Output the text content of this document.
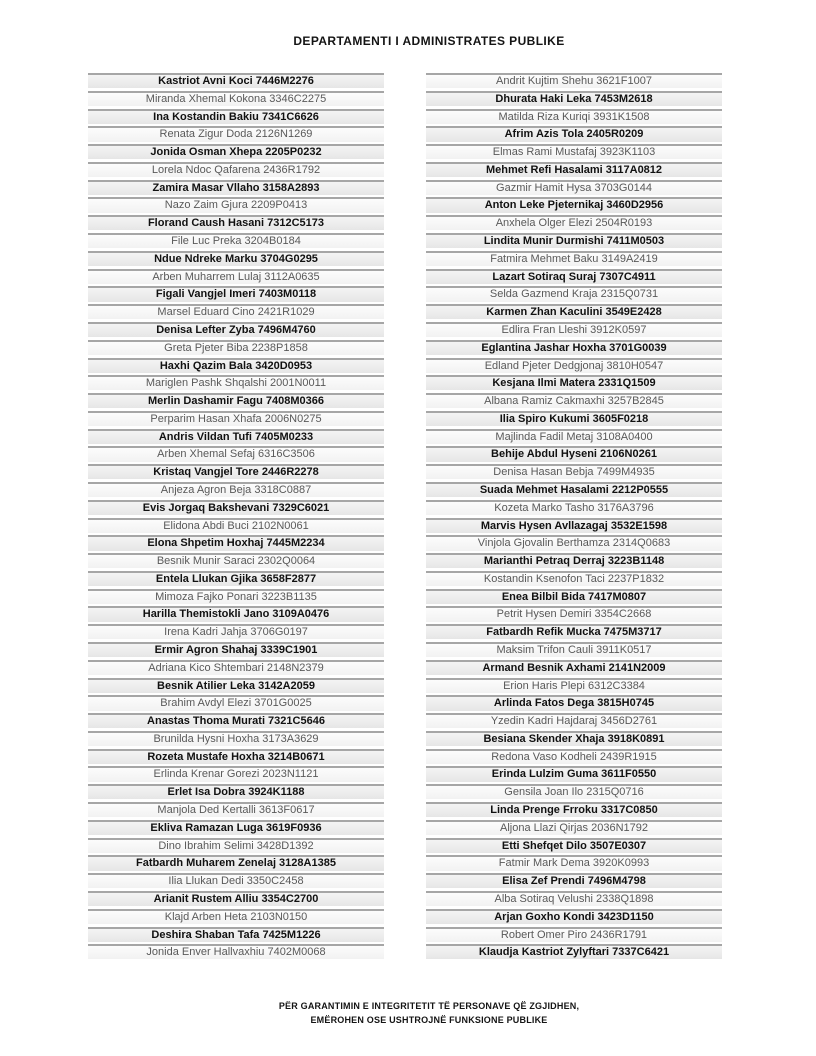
DEPARTAMENTI I ADMINISTRATES PUBLIKE
Kastriot Avni Koci 7446M2276
Miranda Xhemal Kokona 3346C2275
Ina Kostandin Bakiu 7341C6626
Renata Zigur Doda 2126N1269
Jonida Osman Xhepa 2205P0232
Lorela Ndoc Qafarena 2436R1792
Zamira Masar Vllaho 3158A2893
Nazo Zaim Gjura 2209P0413
Florand Caush Hasani 7312C5173
File Luc Preka 3204B0184
Ndue Ndreke Marku 3704G0295
Arben Muharrem Lulaj 3112A0635
Figali Vangjel Imeri 7403M0118
Marsel Eduard Cino 2421R1029
Denisa Lefter Zyba 7496M4760
Greta Pjeter Biba 2238P1858
Haxhi Qazim Bala 3420D0953
Mariglen Pashk Shqalshi 2001N0011
Merlin Dashamir Fagu 7408M0366
Perparim Hasan Xhafa 2006N0275
Andris Vildan Tufi 7405M0233
Arben Xhemal Sefaj 6316C3506
Kristaq Vangjel Tore 2446R2278
Anjeza Agron Beja 3318C0887
Evis Jorgaq Bakshevani 7329C6021
Elidona Abdi Buci 2102N0061
Elona Shpetim Hoxhaj 7445M2234
Besnik Munir Saraci 2302Q0064
Entela Llukan Gjika 3658F2877
Mimoza Fajko Ponari 3223B1135
Harilla Themistokli Jano 3109A0476
Irena Kadri Jahja 3706G0197
Ermir Agron Shahaj 3339C1901
Adriana Kico Shtembari 2148N2379
Besnik Atilier Leka 3142A2059
Brahim Avdyl Elezi 3701G0025
Anastas Thoma Murati 7321C5646
Brunilda Hysni Hoxha 3173A3629
Rozeta Mustafe Hoxha 3214B0671
Erlinda Krenar Gorezi 2023N1121
Erlet Isa Dobra 3924K1188
Manjola Ded Kertalli 3613F0617
Ekliva Ramazan Luga 3619F0936
Dino Ibrahim Selimi 3428D1392
Fatbardh Muharem Zenelaj 3128A1385
Ilia Llukan Dedi 3350C2458
Arianit Rustem Alliu 3354C2700
Klajd Arben Heta 2103N0150
Deshira Shaban Tafa 7425M1226
Jonida Enver Hallvaxhiu 7402M0068
Andrit Kujtim Shehu 3621F1007
Dhurata Haki Leka 7453M2618
Matilda Riza Kuriqi 3931K1508
Afrim Azis Tola 2405R0209
Elmas Rami Mustafaj 3923K1103
Mehmet Refi Hasalami 3117A0812
Gazmir Hamit Hysa 3703G0144
Anton Leke Pjeternikaj 3460D2956
Anxhela Olger Elezi 2504R0193
Lindita Munir Durmishi 7411M0503
Fatmira Mehmet Baku 3149A2419
Lazart Sotiraq Suraj 7307C4911
Selda Gazmend Kraja 2315Q0731
Karmen Zhan Kaculini 3549E2428
Edlira Fran Lleshi 3912K0597
Eglantina Jashar Hoxha 3701G0039
Edland Pjeter Dedgjonaj 3810H0547
Kesjana Ilmi Matera 2331Q1509
Albana Ramiz Cakmaxhi 3257B2845
Ilia Spiro Kukumi 3605F0218
Majlinda Fadil Metaj 3108A0400
Behije Abdul Hyseni 2106N0261
Denisa Hasan Bebja 7499M4935
Suada Mehmet Hasalami 2212P0555
Kozeta Marko Tasho 3176A3796
Marvis Hysen Avllazagaj 3532E1598
Vinjola Gjovalin Berthamza 2314Q0683
Marianthi Petraq Derraj 3223B1148
Kostandin Ksenofon Taci 2237P1832
Enea Bilbil Bida 7417M0807
Petrit Hysen Demiri 3354C2668
Fatbardh Refik Mucka 7475M3717
Maksim Trifon Cauli 3911K0517
Armand Besnik Axhami 2141N2009
Erion Haris Plepi 6312C3384
Arlinda Fatos Dega 3815H0745
Yzedin Kadri Hajdaraj 3456D2761
Besiana Skender Xhaja 3918K0891
Redona Vaso Kodheli 2439R1915
Erinda Lulzim Guma 3611F0550
Gensila Joan Ilo 2315Q0716
Linda Prenge Frroku 3317C0850
Aljona Llazi Qirjas 2036N1792
Etti Shefqet Dilo 3507E0307
Fatmir Mark Dema 3920K0993
Elisa Zef Prendi 7496M4798
Alba Sotiraq Velushi 2338Q1898
Arjan Goxho Kondi 3423D1150
Robert Omer Piro 2436R1791
Klaudja Kastriot Zylyftari 7337C6421
PËR GARANTIMIN E INTEGRITETIT TË PERSONAVE QË ZGJIDHEN,
EMËROHEN OSE USHTROJNË FUNKSIONE PUBLIKE
